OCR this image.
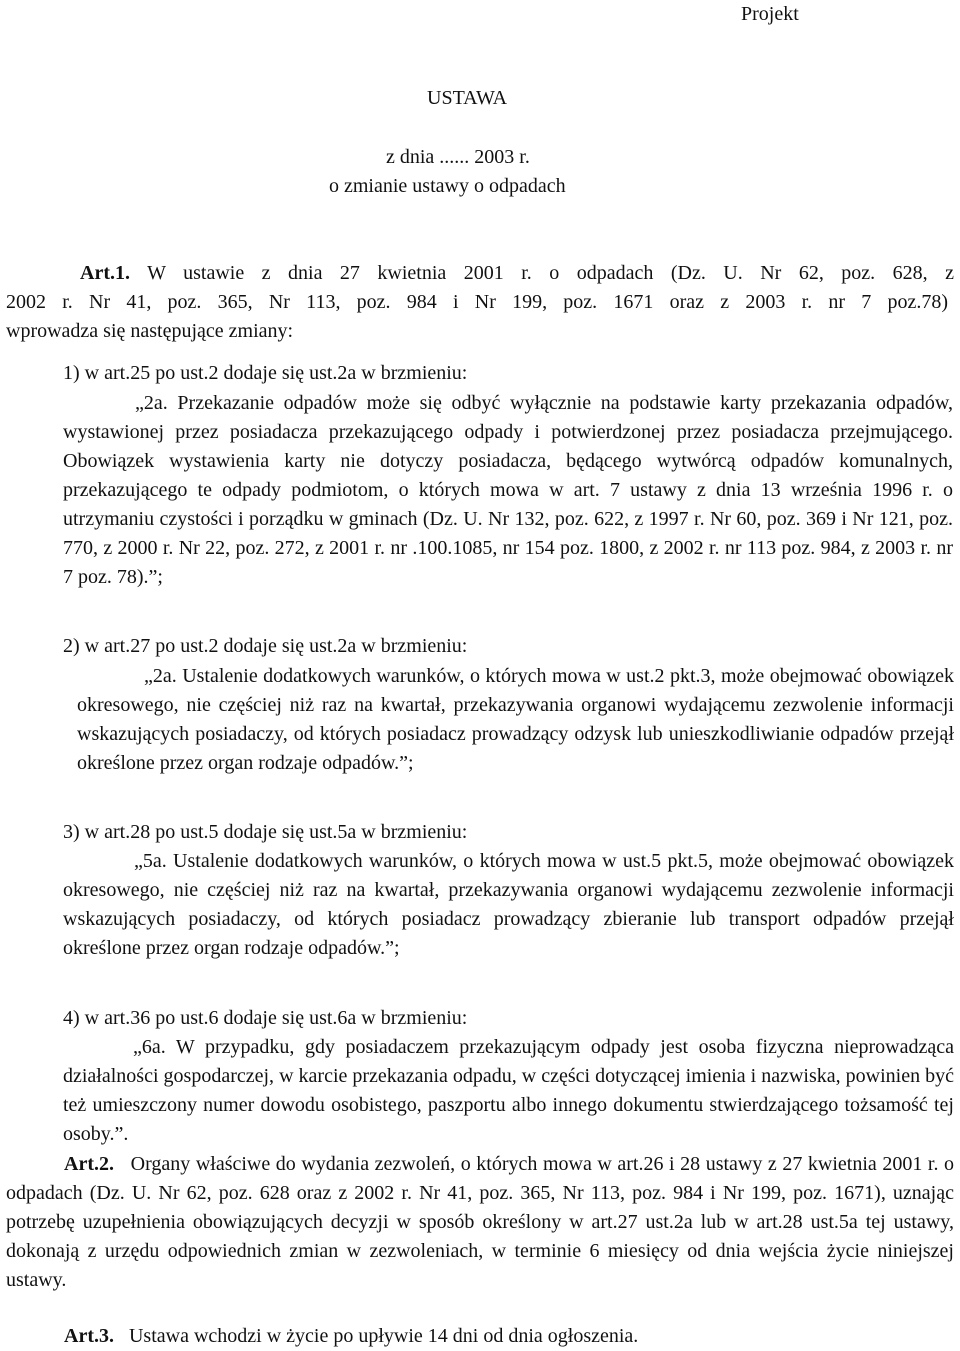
Projekt
USTAWA
z dnia ...... 2003 r.
o zmianie ustawy o odpadach
Art.1. W ustawie z dnia 27 kwietnia 2001 r. o odpadach (Dz. U. Nr 62, poz. 628, z
2002 r. Nr 41, poz. 365, Nr 113, poz. 984 i Nr 199, poz. 1671 oraz z 2003 r. nr 7 poz.78)
wprowadza się następujące zmiany:
1) w art.25 po ust.2 dodaje się ust.2a w brzmieniu:
„2a. Przekazanie odpadów może się odbyć wyłącznie na podstawie karty przekazania odpadów, wystawionej przez posiadacza przekazującego odpady i potwierdzonej przez posiadacza przejmującego. Obowiązek wystawienia karty nie dotyczy posiadacza, będącego wytwórcą odpadów komunalnych, przekazującego te odpady podmiotom, o których mowa w art. 7 ustawy z dnia 13 września 1996 r. o utrzymaniu czystości i porządku w gminach (Dz. U. Nr 132, poz. 622, z 1997 r. Nr 60, poz. 369 i Nr 121, poz. 770, z 2000 r. Nr 22, poz. 272, z 2001 r. nr .100.1085, nr 154 poz. 1800, z 2002 r. nr 113 poz. 984, z 2003 r. nr 7 poz. 78).”;
2) w art.27 po ust.2 dodaje się ust.2a w brzmieniu:
„2a. Ustalenie dodatkowych warunków, o których mowa w ust.2 pkt.3, może obejmować obowiązek okresowego, nie częściej niż raz na kwartał, przekazywania organowi wydającemu zezwolenie informacji wskazujących posiadaczy, od których posiadacz prowadzący odzysk lub unieszkodliwianie odpadów przejął określone przez organ rodzaje odpadów.”;
3) w art.28 po ust.5 dodaje się ust.5a w brzmieniu:
„5a. Ustalenie dodatkowych warunków, o których mowa w ust.5 pkt.5, może obejmować obowiązek okresowego, nie częściej niż raz na kwartał, przekazywania organowi wydającemu zezwolenie informacji wskazujących posiadaczy, od których posiadacz prowadzący zbieranie lub transport odpadów przejął określone przez organ rodzaje odpadów.”;
4) w art.36 po ust.6 dodaje się ust.6a w brzmieniu:
„6a. W przypadku, gdy posiadaczem przekazującym odpady jest osoba fizyczna nieprowadząca działalności gospodarczej, w karcie przekazania odpadu, w części dotyczącej imienia i nazwiska, powinien być też umieszczony numer dowodu osobistego, paszportu albo innego dokumentu stwierdzającego tożsamość tej osoby.”.
Art.2. Organy właściwe do wydania zezwoleń, o których mowa w art.26 i 28 ustawy z 27 kwietnia 2001 r. o odpadach (Dz. U. Nr 62, poz. 628 oraz z 2002 r. Nr 41, poz. 365, Nr 113, poz. 984 i Nr 199, poz. 1671), uznając potrzebę uzupełnienia obowiązujących decyzji w sposób określony w art.27 ust.2a lub w art.28 ust.5a tej ustawy, dokonają z urzędu odpowiednich zmian w zezwoleniach, w terminie 6 miesięcy od dnia wejścia życie niniejszej ustawy.
Art.3. Ustawa wchodzi w życie po upływie 14 dni od dnia ogłoszenia.
